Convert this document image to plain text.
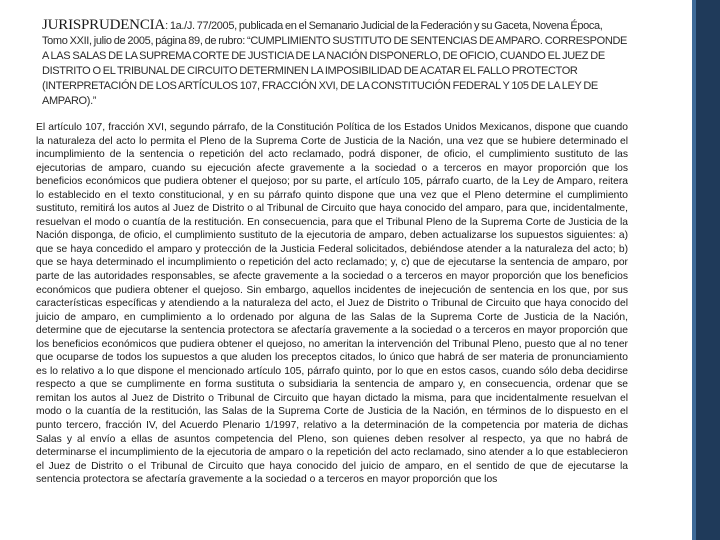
JURISPRUDENCIA: 1a./J. 77/2005, publicada en el Semanario Judicial de la Federación y su Gaceta, Novena Época, Tomo XXII, julio de 2005, página 89, de rubro: “CUMPLIMIENTO SUSTITUTO DE SENTENCIAS DE AMPARO. CORRESPONDE A LAS SALAS DE LA SUPREMA CORTE DE JUSTICIA DE LA NACIÓN DISPONERLO, DE OFICIO, CUANDO EL JUEZ DE DISTRITO O EL TRIBUNAL DE CIRCUITO DETERMINEN LA IMPOSIBILIDAD DE ACATAR EL FALLO PROTECTOR (INTERPRETACIÓN DE LOS ARTÍCULOS 107, FRACCIÓN XVI, DE LA CONSTITUCIÓN FEDERAL Y 105 DE LA LEY DE AMPARO).”

El artículo 107, fracción XVI, segundo párrafo, de la Constitución Política de los Estados Unidos Mexicanos, dispone que cuando la naturaleza del acto lo permita el Pleno de la Suprema Corte de Justicia de la Nación, una vez que se hubiere determinado el incumplimiento de la sentencia o repetición del acto reclamado, podrá disponer, de oficio, el cumplimiento sustituto de las ejecutorias de amparo, cuando su ejecución afecte gravemente a la sociedad o a terceros en mayor proporción que los beneficios económicos que pudiera obtener el quejoso; por su parte, el artículo 105, párrafo cuarto, de la Ley de Amparo, reitera lo establecido en el texto constitucional, y en su párrafo quinto dispone que una vez que el Pleno determine el cumplimiento sustituto, remitirá los autos al Juez de Distrito o al Tribunal de Circuito que haya conocido del amparo, para que, incidentalmente, resuelvan el modo o cuantía de la restitución. En consecuencia, para que el Tribunal Pleno de la Suprema Corte de Justicia de la Nación disponga, de oficio, el cumplimiento sustituto de la ejecutoria de amparo, deben actualizarse los supuestos siguientes: a) que se haya concedido el amparo y protección de la Justicia Federal solicitados, debiéndose atender a la naturaleza del acto; b) que se haya determinado el incumplimiento o repetición del acto reclamado; y, c) que de ejecutarse la sentencia de amparo, por parte de las autoridades responsables, se afecte gravemente a la sociedad o a terceros en mayor proporción que los beneficios económicos que pudiera obtener el quejoso. Sin embargo, aquellos incidentes de inejecución de sentencia en los que, por sus características específicas y atendiendo a la naturaleza del acto, el Juez de Distrito o Tribunal de Circuito que haya conocido del juicio de amparo, en cumplimiento a lo ordenado por alguna de las Salas de la Suprema Corte de Justicia de la Nación, determine que de ejecutarse la sentencia protectora se afectaría gravemente a la sociedad o a terceros en mayor proporción que los beneficios económicos que pudiera obtener el quejoso, no ameritan la intervención del Tribunal Pleno, puesto que al no tener que ocuparse de todos los supuestos a que aluden los preceptos citados, lo único que habrá de ser materia de pronunciamiento es lo relativo a lo que dispone el mencionado artículo 105, párrafo quinto, por lo que en estos casos, cuando sólo deba decidirse respecto a que se cumplimente en forma sustituta o subsidiaria la sentencia de amparo y, en consecuencia, ordenar que se remitan los autos al Juez de Distrito o Tribunal de Circuito que hayan dictado la misma, para que incidentalmente resuelvan el modo o la cuantía de la restitución, las Salas de la Suprema Corte de Justicia de la Nación, en términos de lo dispuesto en el punto tercero, fracción IV, del Acuerdo Plenario 1/1997, relativo a la determinación de la competencia por materia de dichas Salas y al envío a ellas de asuntos competencia del Pleno, son quienes deben resolver al respecto, ya que no habrá de determinarse el incumplimiento de la ejecutoria de amparo o la repetición del acto reclamado, sino atender a lo que establecieron el Juez de Distrito o el Tribunal de Circuito que haya conocido del juicio de amparo, en el sentido de que de ejecutarse la sentencia protectora se afectaría gravemente a la sociedad o a terceros en mayor proporción que los
